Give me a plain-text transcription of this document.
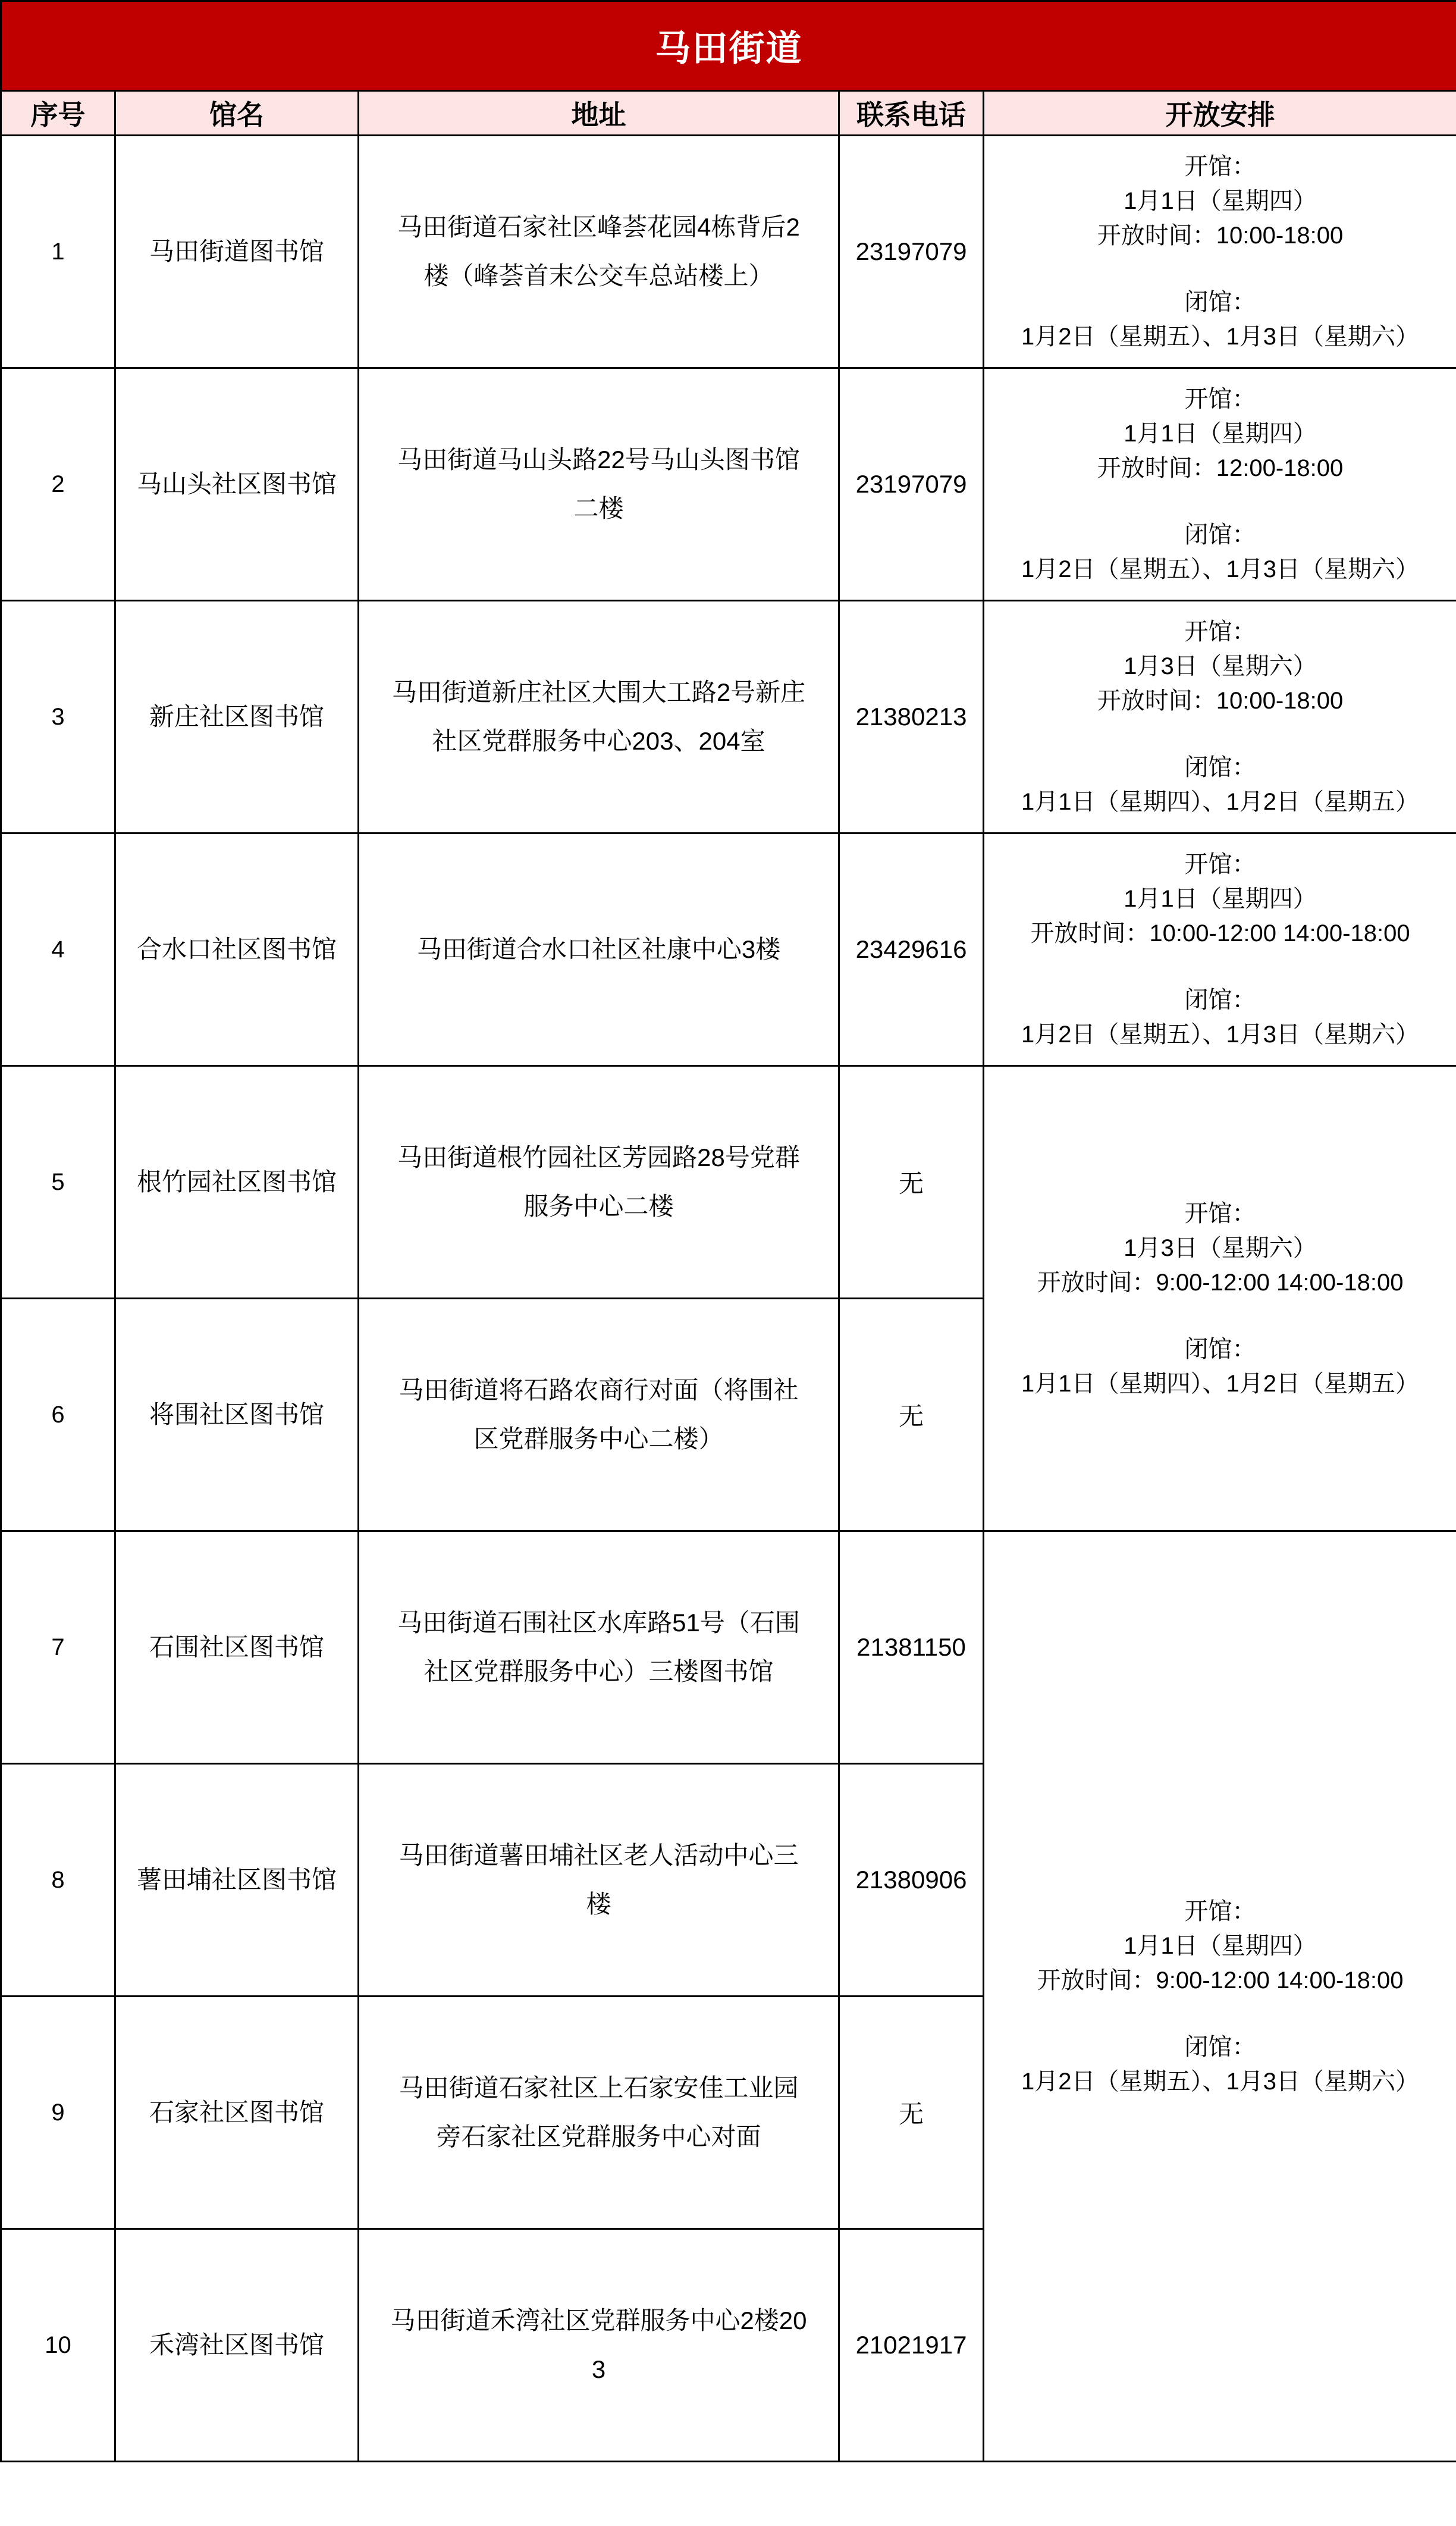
马田街道				
序号	馆名	地址	联系电话	开放安排
1	马田街道图书馆	马田街道石家社区峰荟花园4栋背后2楼（峰荟首末公交车总站楼上）	23197079	开馆：
1月1日（星期四）
开放时间：10:00-18:00
闭馆：
1月2日（星期五）、1月3日（星期六）

2	马山头社区图书馆	马田街道马山头路22号马山头图书馆二楼	23197079	开馆：
1月1日（星期四）
开放时间：12:00-18:00
闭馆：
1月2日（星期五）、1月3日（星期六）

3	新庄社区图书馆	马田街道新庄社区大围大工路2号新庄社区党群服务中心203、204室	21380213	开馆：
1月3日（星期六）
开放时间：10:00-18:00
闭馆：
1月1日（星期四）、1月2日（星期五）

4	合水口社区图书馆	马田街道合水口社区社康中心3楼	23429616	开馆：
1月1日（星期四）
开放时间：10:00-12:00 14:00-18:00
闭馆：
1月2日（星期五）、1月3日（星期六）

5	根竹园社区图书馆	马田街道根竹园社区芳园路28号党群服务中心二楼	无	开馆：
1月3日（星期六）
开放时间：9:00-12:00 14:00-18:00
闭馆：
1月1日（星期四）、1月2日（星期五）

6	将围社区图书馆	马田街道将石路农商行对面（将围社区党群服务中心二楼）	无	
7	石围社区图书馆	马田街道石围社区水库路51号（石围社区党群服务中心）三楼图书馆	21381150	开馆：
1月1日（星期四）
开放时间：9:00-12:00 14:00-18:00
闭馆：
1月2日（星期五）、1月3日（星期六）

8	薯田埔社区图书馆	马田街道薯田埔社区老人活动中心三楼	21380906	
9	石家社区图书馆	马田街道石家社区上石家安佳工业园旁石家社区党群服务中心对面	无	
10	禾湾社区图书馆	马田街道禾湾社区党群服务中心2楼203	21021917	
